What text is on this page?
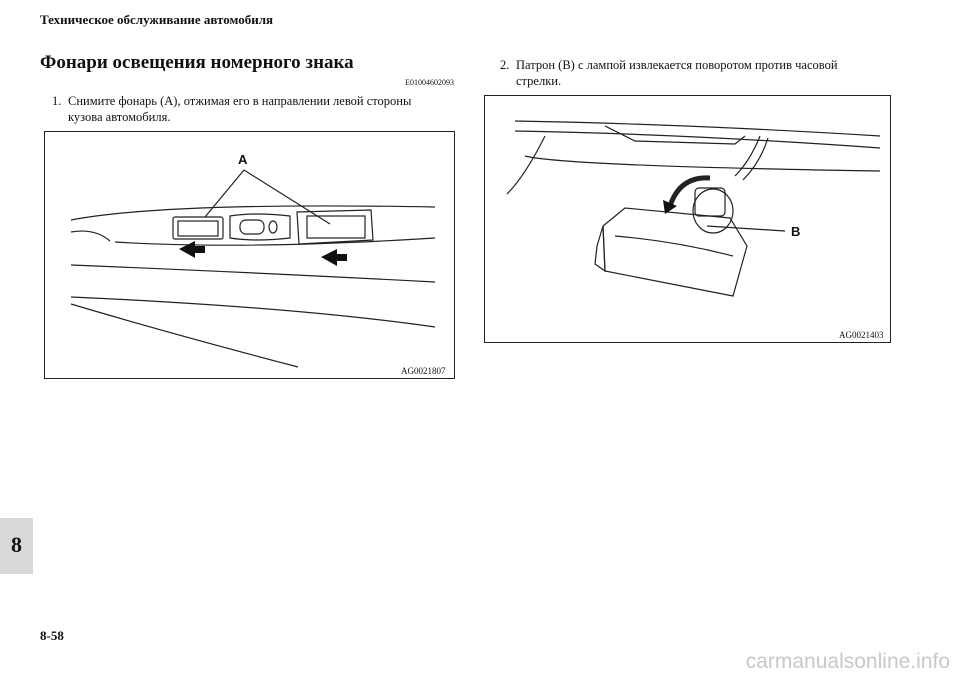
Техническое обслуживание автомобиля
Фонари освещения номерного знака
E01004602093
1. Снимите фонарь (A), отжимая его в направлении левой стороны
кузова автомобиля.
2. Патрон (B) с лампой извлекается поворотом против часовой
стрелки.
A
AG0021807
B
AG0021403
8
8-58
carmanualsonline.info
